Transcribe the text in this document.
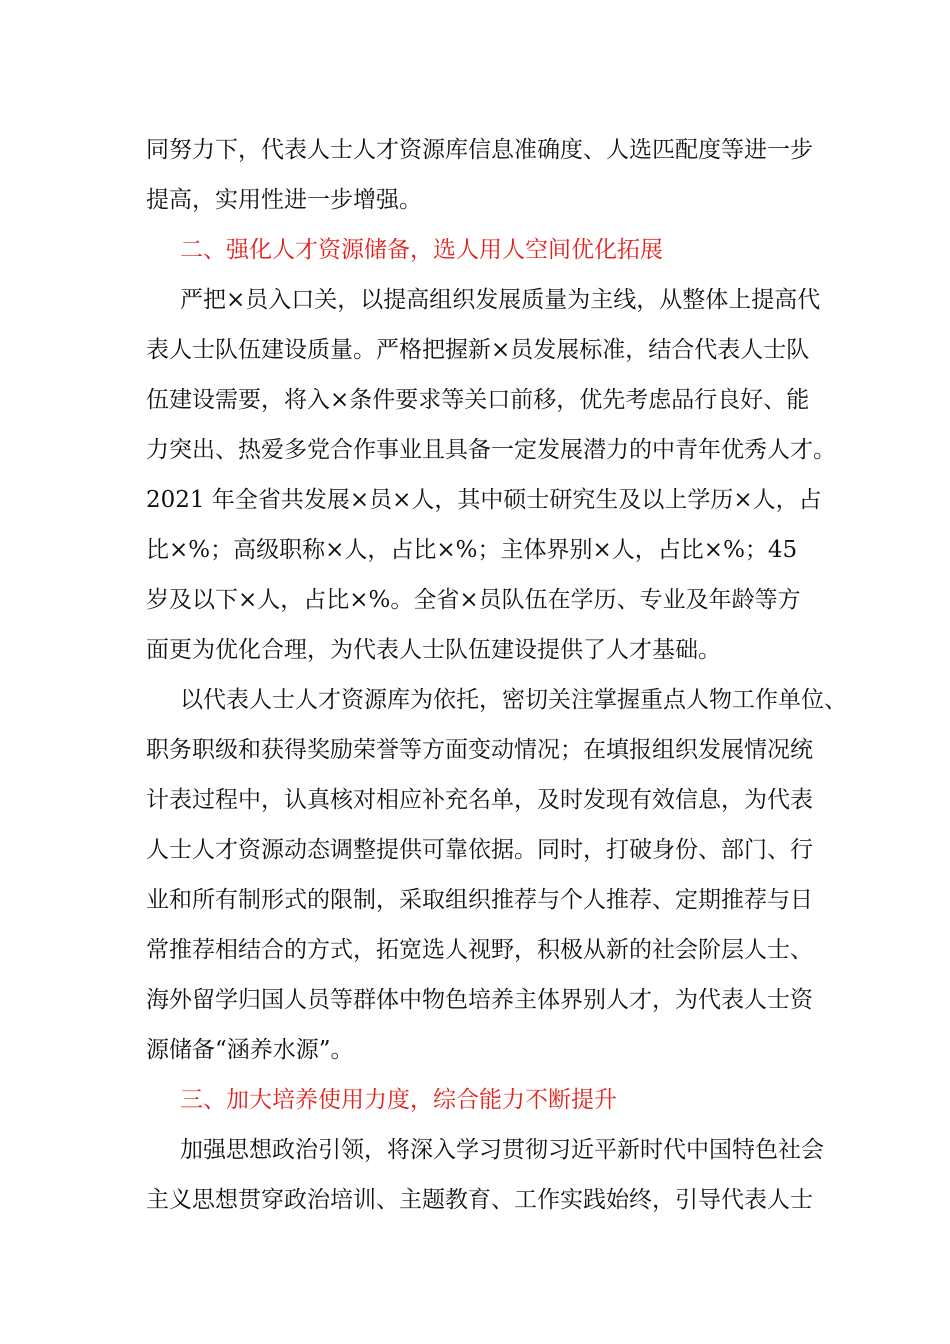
同努力下，代表人士人才资源库信息准确度、人选匹配度等进一步
提高，实用性进一步增强。
二、强化人才资源储备，选人用人空间优化拓展
严把×员入口关，以提高组织发展质量为主线，从整体上提高代
表人士队伍建设质量。严格把握新×员发展标准，结合代表人士队
伍建设需要，将入×条件要求等关口前移，优先考虑品行良好、能
力突出、热爱多党合作事业且具备一定发展潜力的中青年优秀人才。
2021 年全省共发展×员×人，其中硕士研究生及以上学历×人，占
比×%；高级职称×人，占比×%；主体界别×人，占比×%；45
岁及以下×人，占比×%。全省×员队伍在学历、专业及年龄等方
面更为优化合理，为代表人士队伍建设提供了人才基础。
以代表人士人才资源库为依托，密切关注掌握重点人物工作单位、
职务职级和获得奖励荣誉等方面变动情况；在填报组织发展情况统
计表过程中，认真核对相应补充名单，及时发现有效信息，为代表
人士人才资源动态调整提供可靠依据。同时，打破身份、部门、行
业和所有制形式的限制，采取组织推荐与个人推荐、定期推荐与日
常推荐相结合的方式，拓宽选人视野，积极从新的社会阶层人士、
海外留学归国人员等群体中物色培养主体界别人才，为代表人士资
源储备“涵养水源”。
三、加大培养使用力度，综合能力不断提升
加强思想政治引领，将深入学习贯彻习近平新时代中国特色社会
主义思想贯穿政治培训、主题教育、工作实践始终，引导代表人士
